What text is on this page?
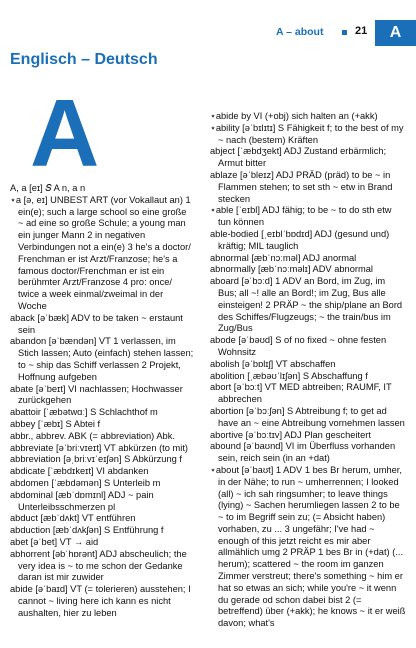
A – about	21	A
Englisch – Deutsch
A
A, a [eɪ] 𝑆 A n, a n
⋆a [ə, eɪ] UNBEST ART (vor Vokallaut an) 1 ein(e); such a large school so eine große ~ ad eine so große Schule; a young man ein junger Mann 2 in negativen Verbindungen not a ein(e) 3 he's a doctor/ Frenchman er ist Arzt/Franzose; he's a famous doctor/Frenchman er ist ein berühmter Arzt/Franzose 4 pro: once/ twice a week einmal/zweimal in der Woche
aback [əˈbæk] ADV to be taken ~ erstaunt sein
abandon [əˈbændən] VT 1 verlassen, im Stich lassen; Auto (einfach) stehen lassen; to ~ ship das Schiff verlassen 2 Projekt, Hoffnung aufgeben
abate [əˈbeɪt] VI nachlassen; Hochwasser zurückgehen
abattoir [ˈæbətwɑː] S Schlachthof m
abbey [ˈæbɪ] S Abtei f
abbr., abbrev. ABK (= abbreviation) Abk.
abbreviate [əˈbriːvɪeɪt] VT abkürzen (to mit)
abbreviation [əˌbriːvɪˈeɪʃən] S Abkürzung f
abdicate [ˈæbdɪkeɪt] VI abdanken
abdomen [ˈæbdəmən] S Unterleib m
abdominal [æbˈdɒmɪnl] ADJ ~ pain Unterleibsschmerzen pl
abduct [æbˈdʌkt] VT entführen
abduction [æbˈdʌkʃən] S Entführung f
abet [əˈbet] VT → aid
abhorrent [əbˈhɒrənt] ADJ abscheulich; the very idea is ~ to me schon der Gedanke daran ist mir zuwider
abide [əˈbaɪd] VT (= tolerieren) ausstehen; I cannot ~ living here ich kann es nicht aushalten, hier zu leben
⋆abide by VI (+obj) sich halten an (+akk)
⋆ability [əˈbɪlɪtɪ] S Fähigkeit f; to the best of my ~ nach (bestem) Kräften
abject [ˈæbdʒekt] ADJ Zustand erbärmlich; Armut bitter
ablaze [əˈbleɪz] ADJ PRÄD (präd) to be ~ in Flammen stehen; to set sth ~ etw in Brand stecken
⋆able [ˈeɪbl] ADJ fähig; to be ~ to do sth etw tun können
able-bodied [ˌeɪblˈbɒdɪd] ADJ (gesund und) kräftig; MIL tauglich
abnormal [æbˈnɔːməl] ADJ anormal
abnormally [æbˈnɔːməlɪ] ADV abnormal
aboard [əˈbɔːd] 1 ADV an Bord, im Zug, im Bus; all ~! alle an Bord!; im Zug, Bus alle einsteigen! 2 PRÄP ~ the ship/plane an Bord des Schiffes/Flugzeugs; ~ the train/bus im Zug/Bus
abode [əˈbəʊd] S of no fixed ~ ohne festen Wohnsitz
abolish [əˈbɒlɪʃ] VT abschaffen
abolition [ˌæbəʊˈlɪʃən] S Abschaffung f
abort [əˈbɔːt] VT MED abtreiben; RAUMF, IT abbrechen
abortion [əˈbɔːʃən] S Abtreibung f; to get ad have an ~ eine Abtreibung vornehmen lassen
abortive [əˈbɔːtɪv] ADJ Plan gescheitert
abound [əˈbaʊnd] VI im Überfluss vorhanden sein, reich sein (in an +dat)
⋆about [əˈbaʊt] 1 ADV 1 bes Br herum, umher, in der Nähe; to run ~ umherrennen; I looked (all) ~ ich sah ringsumher; to leave things (lying) ~ Sachen herumliegen lassen 2 to be ~ to im Begriff sein zu; (= Absicht haben) vorhaben, zu ... 3 ungefähr; I've had ~ enough of this jetzt reicht es mir aber allmählich umg 2 PRÄP 1 bes Br in (+dat) (... herum); scattered ~ the room im ganzen Zimmer verstreut; there's something ~ him er hat so etwas an sich; while you're ~ it wenn du gerade od schon dabei bist 2 (= betreffend) über (+akk); he knows ~ it er weiß davon; what's
